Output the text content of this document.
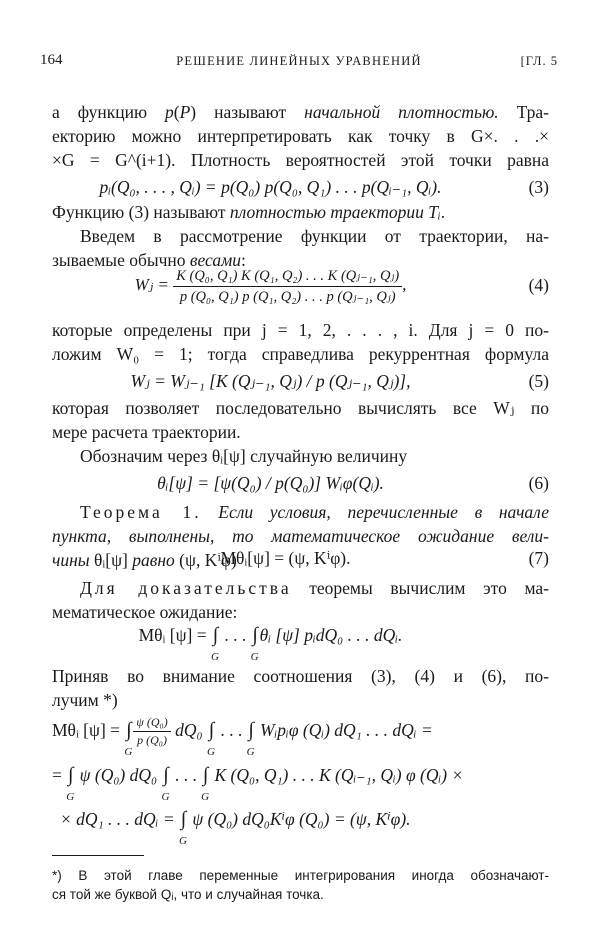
164	РЕШЕНИЕ ЛИНЕЙНЫХ УРАВНЕНИЙ	[ГЛ. 5
а функцию p(P) называют начальной плотностью. Тра-
екторию можно интерпретировать как точку в G×. . .×
×G = G^(i+1). Плотность вероятностей этой точки равна
pᵢ(Q₀, . . . , Qᵢ) = p(Q₀) p(Q₀, Q₁) . . . p(Qᵢ₋₁, Qᵢ).	(3)
Функцию (3) называют плотностью траектории Tᵢ.
Введем в рассмотрение функции от траектории, на-
зываемые обычно весами:
Wⱼ = $\frac{\text{K (Q₀, Q₁) K (Q₁, Q₂) . . . K (Qⱼ₋₁, Qⱼ)}}{\text{p (Q₀, Q₁) p (Q₁, Q₂) . . . p (Qⱼ₋₁, Qⱼ)}}$ ,	(4)
которые определены при j = 1, 2, . . . , i. Для j = 0 по-
ложим W₀ = 1; тогда справедлива рекуррентная формула
Wⱼ = Wⱼ₋₁ [K (Qⱼ₋₁, Qⱼ) / p (Qⱼ₋₁, Qⱼ)],	(5)
которая позволяет последовательно вычислять все Wⱼ по
мере расчета траектории.
Обозначим через θᵢ[ψ] случайную величину
θᵢ[ψ] = [ψ(Q₀) / p(Q₀)] Wᵢφ(Qᵢ).	(6)
Теорема 1. Если условия, перечисленные в начале
пункта, выполнены, то математическое ожидание вели-
чины θᵢ[ψ] равно (ψ, Kⁱφ)
Mθᵢ[ψ] = (ψ, Kⁱφ).	(7)
Для доказательства теоремы вычислим это ма-
мематическое ожидание:
Mθᵢ [ψ] = ∫
G
. . . ∫
G
θᵢ [ψ] pᵢdQ₀ . . . dQᵢ.
Приняв во внимание соотношения (3), (4) и (6), по-
лучим *)
Mθᵢ [ψ] = ∫
G
$\frac{\text{ψ (Q₀)}}{\text{p (Q₀)}} dQ_0$ ∫
G
. . . ∫
G
Wᵢpᵢφ (Qᵢ) dQ₁ . . . dQᵢ =
= ∫
G
ψ (Q₀) dQ₀ ∫
G
. . . ∫
G
K (Q₀, Q₁) . . . K (Qᵢ₋₁, Qᵢ) φ (Qᵢ) ×
× dQ₁ . . . dQᵢ = ∫
G
ψ (Q₀) dQ₀Kⁱφ (Q₀) = (ψ, Kⁱφ).
*) В этой главе переменные интегрирования иногда обозначают-
ся той же буквой Qᵢ, что и случайная точка.
